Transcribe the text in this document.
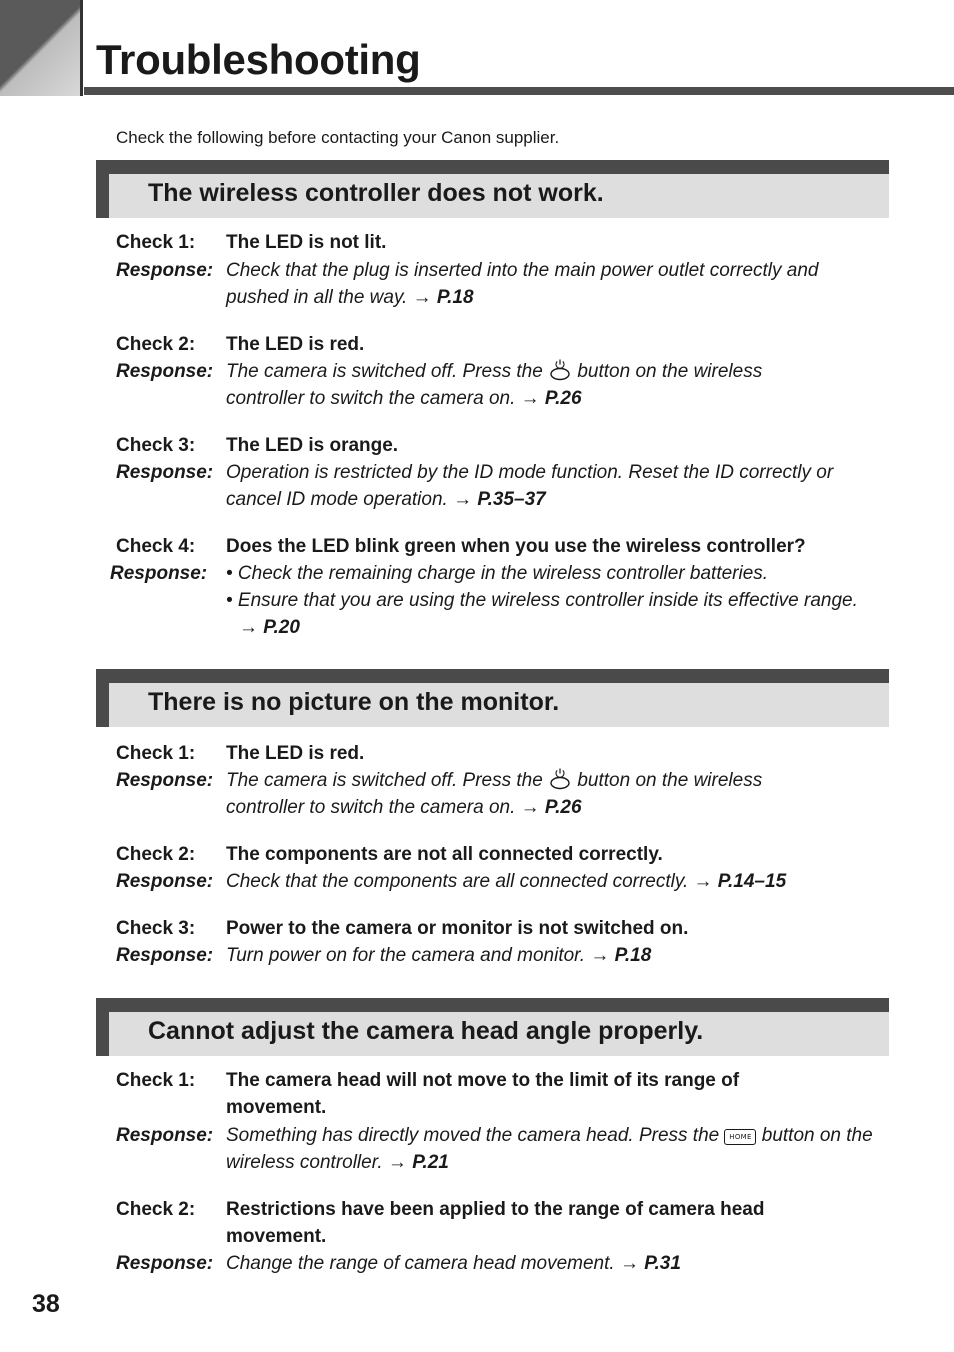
Troubleshooting
Check the following before contacting your Canon supplier.
The wireless controller does not work.
Check 1: The LED is not lit.
Response: Check that the plug is inserted into the main power outlet correctly and pushed in all the way. → P.18
Check 2: The LED is red.
Response: The camera is switched off. Press the button on the wireless controller to switch the camera on. → P.26
Check 3: The LED is orange.
Response: Operation is restricted by the ID mode function. Reset the ID correctly or cancel ID mode operation. → P.35–37
Check 4: Does the LED blink green when you use the wireless controller?
Response: • Check the remaining charge in the wireless controller batteries.
• Ensure that you are using the wireless controller inside its effective range. → P.20
There is no picture on the monitor.
Check 1: The LED is red.
Response: The camera is switched off. Press the button on the wireless controller to switch the camera on. → P.26
Check 2: The components are not all connected correctly.
Response: Check that the components are all connected correctly. → P.14–15
Check 3: Power to the camera or monitor is not switched on.
Response: Turn power on for the camera and monitor. → P.18
Cannot adjust the camera head angle properly.
Check 1: The camera head will not move to the limit of its range of movement.
Response: Something has directly moved the camera head. Press the HOME button on the wireless controller. → P.21
Check 2: Restrictions have been applied to the range of camera head movement.
Response: Change the range of camera head movement. → P.31
38
